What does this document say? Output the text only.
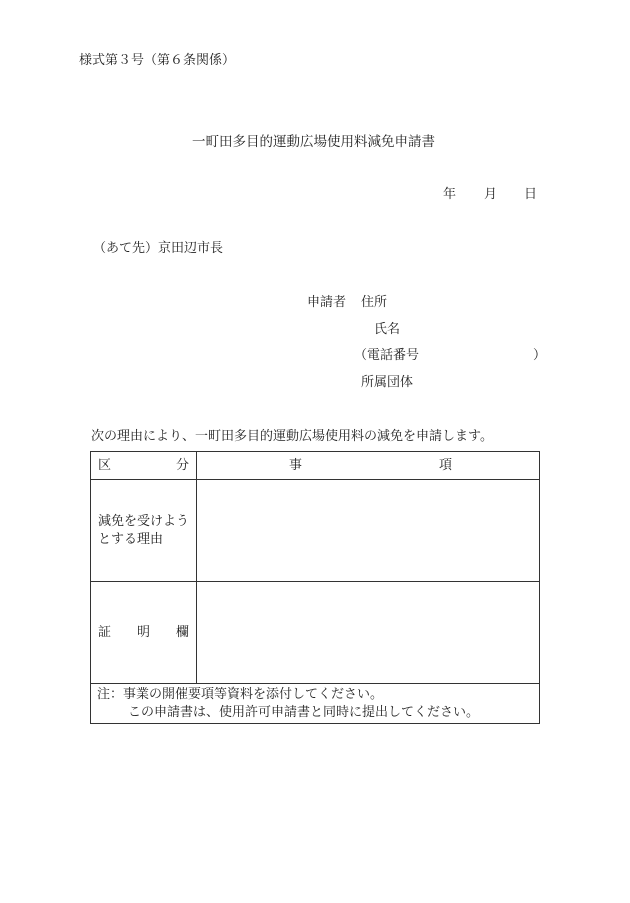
様式第３号（第６条関係）
一町田多目的運動広場使用料減免申請書
年 月 日
（あて先）京田辺市長
申請者 住所
氏名
（電話番号	）
所属団体
次の理由により、一町田多目的運動広場使用料の減免を申請します。
区 分	事 項

減免を受けよう
とする理由	

証 明 欄	

注：事業の開催要項等資料を添付してください。
この申請書は、使用許可申請書と同時に提出してください。	
